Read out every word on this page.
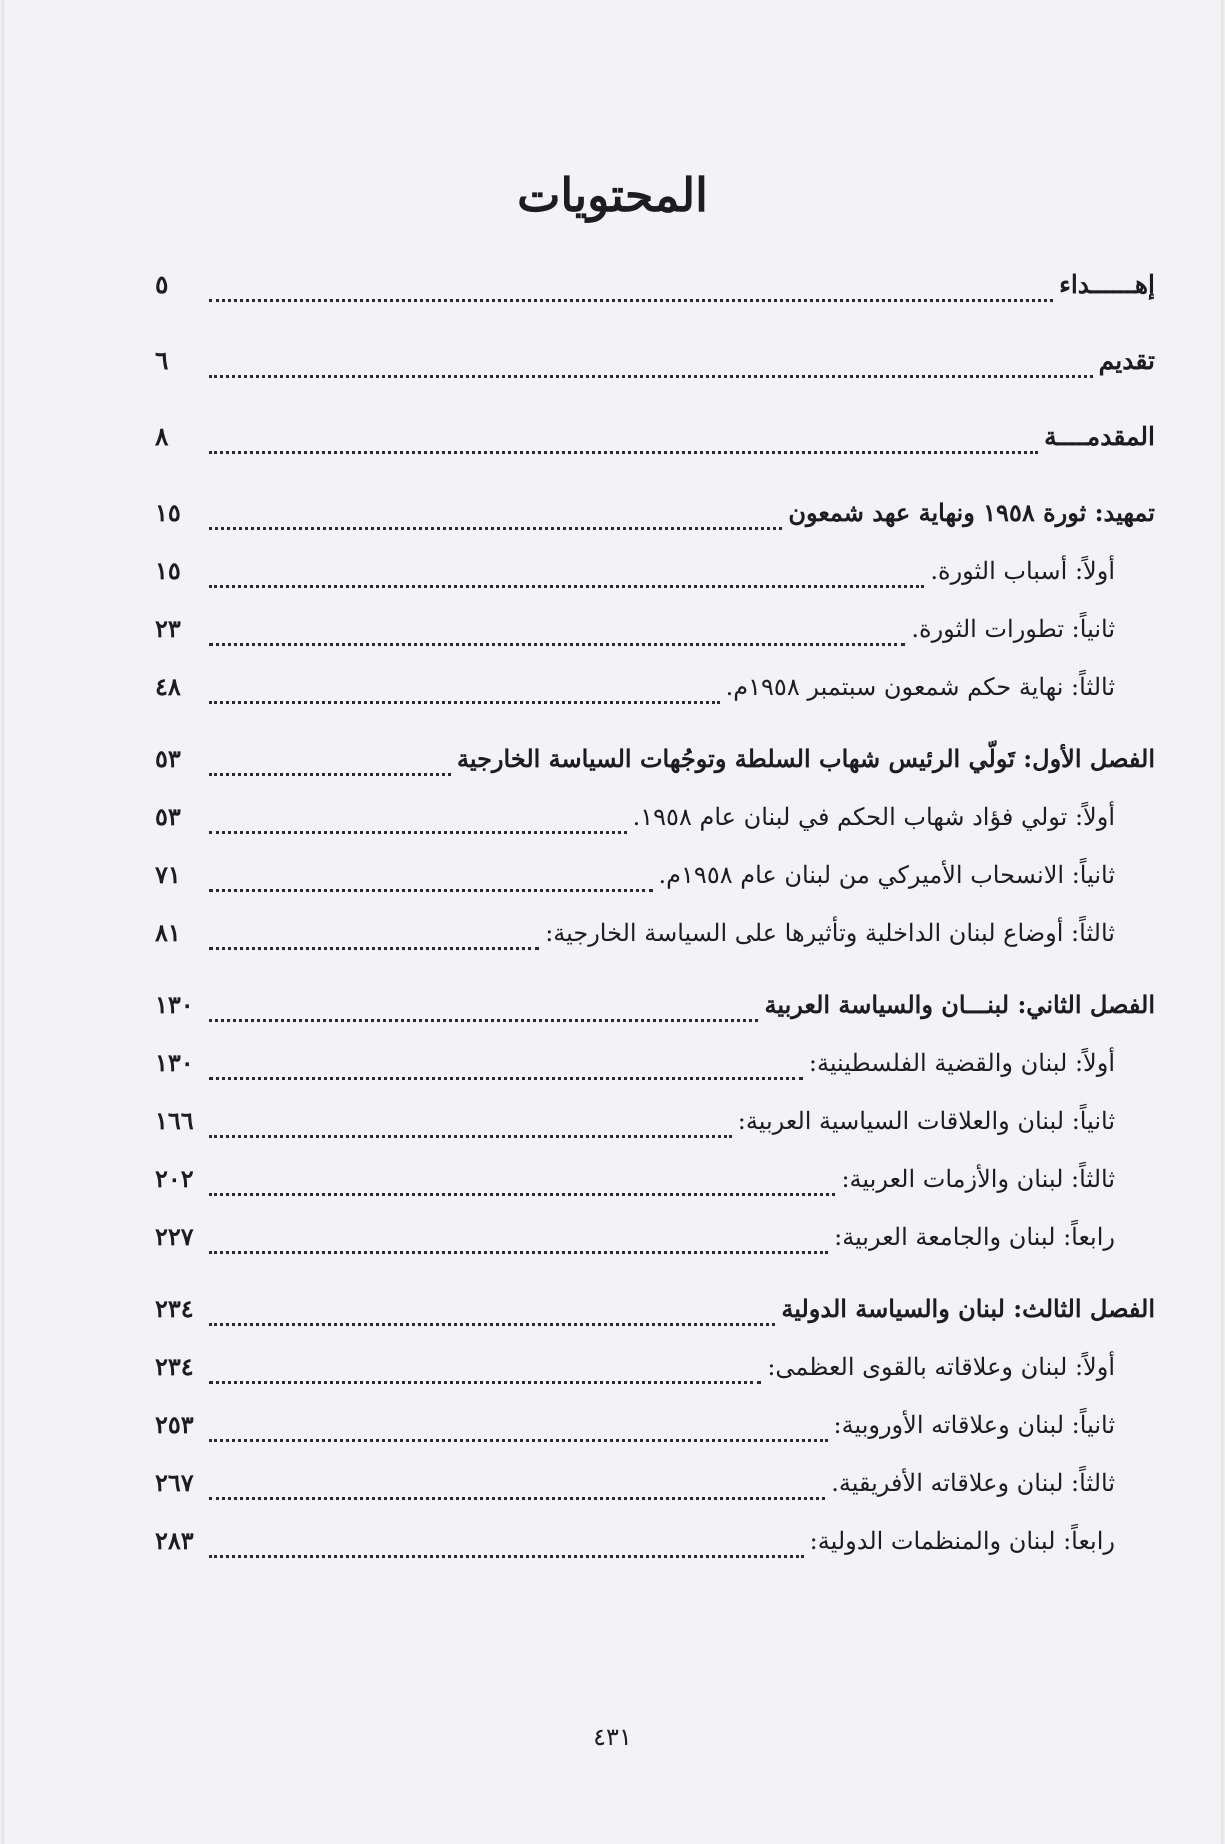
المحتويات
إهــــــداء
٥
تقديم
٦
المقدمــــة
٨
تمهيد: ثورة ١٩٥٨ ونهاية عهد شمعون
١٥
أولاً: أسباب الثورة.
١٥
ثانياً: تطورات الثورة.
٢٣
ثالثاً: نهاية حكم شمعون سبتمبر ١٩٥٨م.
٤٨
الفصل الأول: تَولّي الرئيس شهاب السلطة وتوجُهات السياسة الخارجية
٥٣
أولاً: تولي فؤاد شهاب الحكم في لبنان عام ١٩٥٨.
٥٣
ثانياً: الانسحاب الأميركي من لبنان عام ١٩٥٨م.
٧١
ثالثاً: أوضاع لبنان الداخلية وتأثيرها على السياسة الخارجية:
٨١
الفصل الثاني: لبنـــان والسياسة العربية
١٣٠
أولاً: لبنان والقضية الفلسطينية:
١٣٠
ثانياً: لبنان والعلاقات السياسية العربية:
١٦٦
ثالثاً: لبنان والأزمات العربية:
٢٠٢
رابعاً: لبنان والجامعة العربية:
٢٢٧
الفصل الثالث: لبنان والسياسة الدولية
٢٣٤
أولاً: لبنان وعلاقاته بالقوى العظمى:
٢٣٤
ثانياً: لبنان وعلاقاته الأوروبية:
٢٥٣
ثالثاً: لبنان وعلاقاته الأفريقية.
٢٦٧
رابعاً: لبنان والمنظمات الدولية:
٢٨٣
٤٣١
